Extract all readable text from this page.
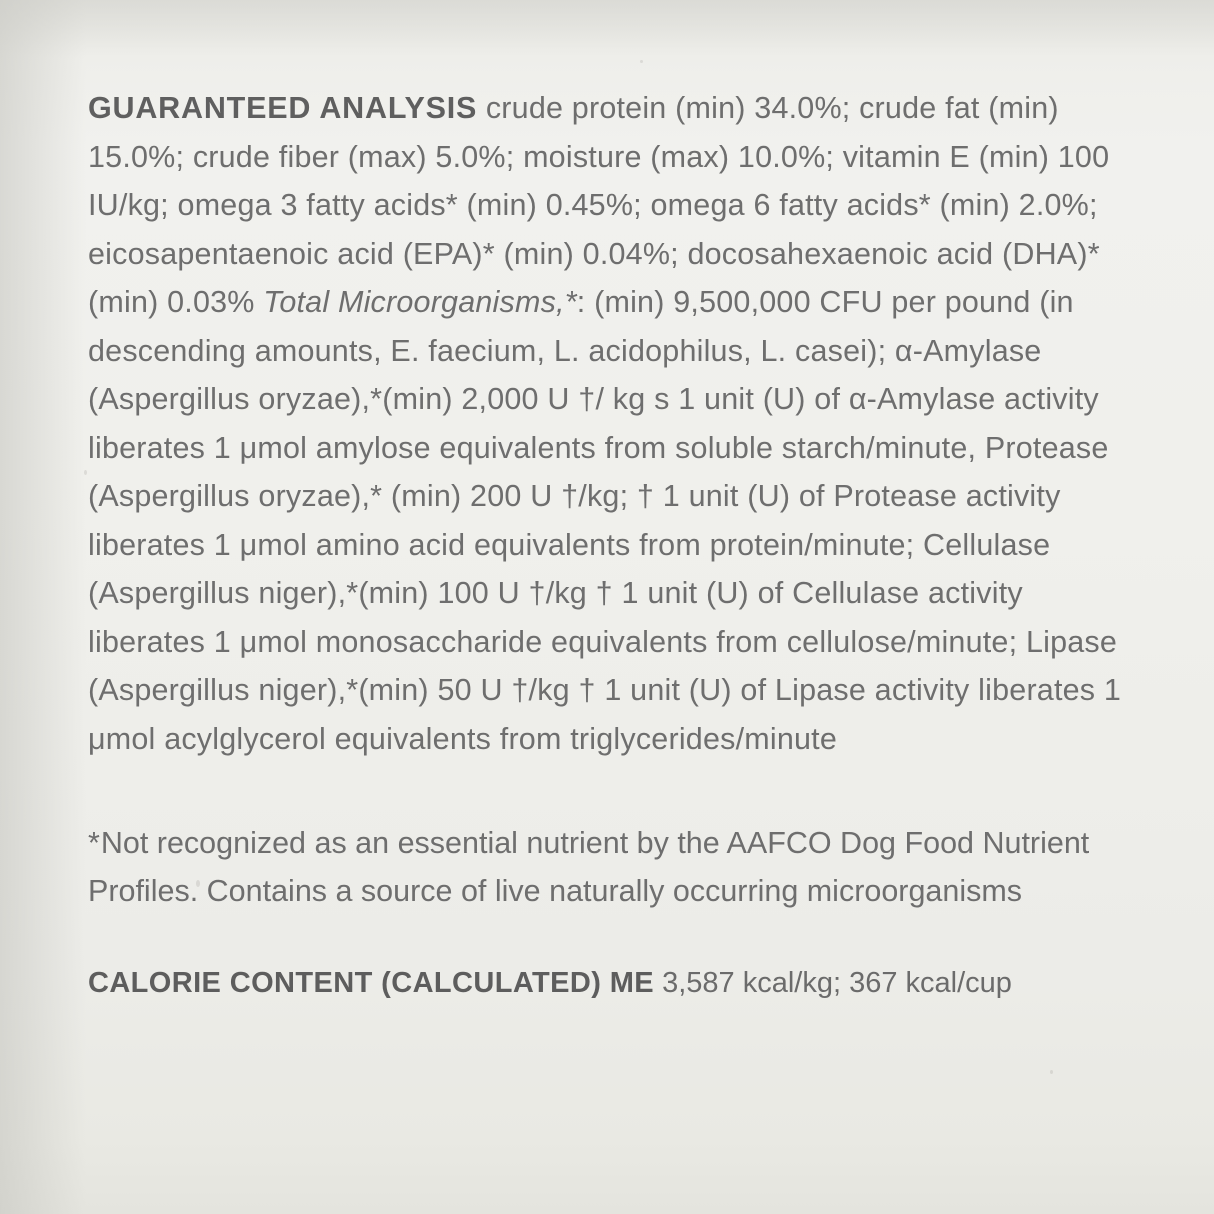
GUARANTEED ANALYSIS crude protein (min) 34.0%; crude fat (min) 15.0%; crude fiber (max) 5.0%; moisture (max) 10.0%; vitamin E (min) 100 IU/kg; omega 3 fatty acids* (min) 0.45%; omega 6 fatty acids* (min) 2.0%; eicosapentaenoic acid (EPA)* (min) 0.04%; docosahexaenoic acid (DHA)* (min) 0.03% Total Microorganisms,*: (min) 9,500,000 CFU per pound (in descending amounts, E. faecium, L. acidophilus, L. casei); α-Amylase (Aspergillus oryzae),*(min) 2,000 U †/ kg s 1 unit (U) of α-Amylase activity liberates 1 μmol amylose equivalents from soluble starch/minute, Protease (Aspergillus oryzae),* (min) 200 U †/kg; † 1 unit (U) of Protease activity liberates 1 μmol amino acid equivalents from protein/minute; Cellulase (Aspergillus niger),*(min) 100 U †/kg † 1 unit (U) of Cellulase activity liberates 1 μmol monosaccharide equivalents from cellulose/minute; Lipase (Aspergillus niger),*(min) 50 U †/kg † 1 unit (U) of Lipase activity liberates 1 μmol acylglycerol equivalents from triglycerides/minute

*Not recognized as an essential nutrient by the AAFCO Dog Food Nutrient Profiles. Contains a source of live naturally occurring microorganisms

CALORIE CONTENT (CALCULATED) ME 3,587 kcal/kg; 367 kcal/cup
